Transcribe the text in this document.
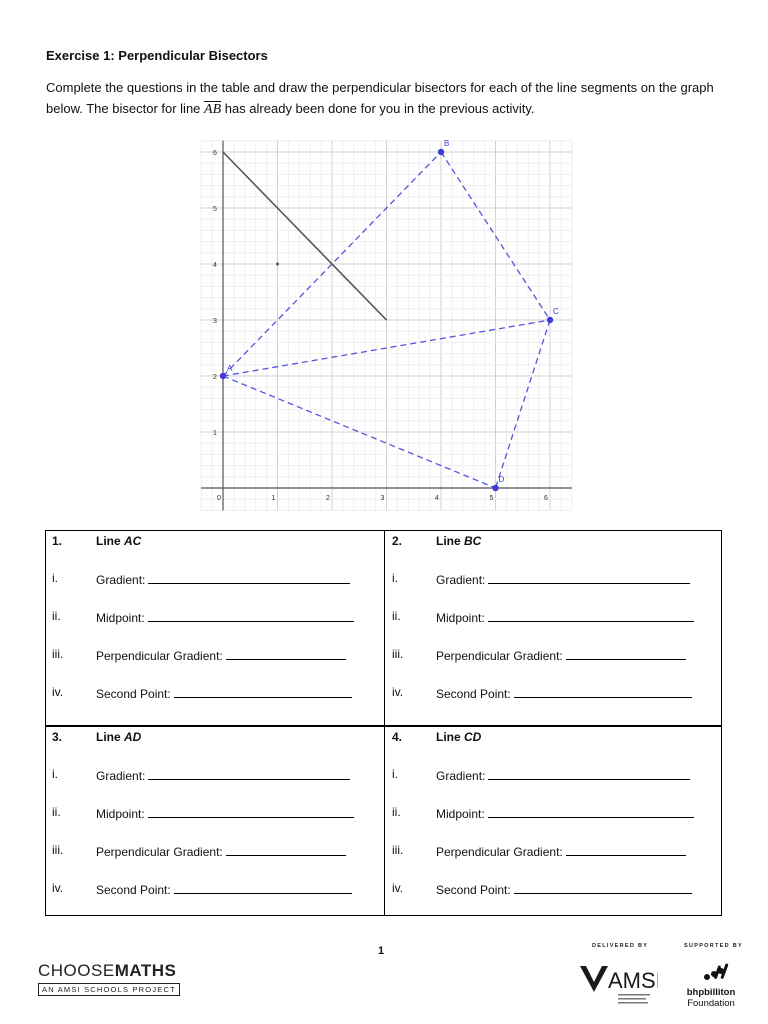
Exercise 1: Perpendicular Bisectors
Complete the questions in the table and draw the perpendicular bisectors for each of the line segments on the graph below. The bisector for line $\overline{AB}$ has already been done for you in the previous activity.
0	1	2	3	4	5	6
1
2
3
4
5
6
A
B
C
D
1.	Line AC
i.	Gradient:
ii.	Midpoint:
iii.	Perpendicular Gradient:
iv.	Second Point:
2.	Line BC
i.	Gradient:
ii.	Midpoint:
iii.	Perpendicular Gradient:
iv.	Second Point:
3.	Line AD
i.	Gradient:
ii.	Midpoint:
iii.	Perpendicular Gradient:
iv.	Second Point:
4.	Line CD
i.	Gradient:
ii.	Midpoint:
iii.	Perpendicular Gradient:
iv.	Second Point:
1
CHOOSEMATHS
AN AMSI SCHOOLS PROJECT
DELIVERED BY	SUPPORTED BY
AMSI	bhpbilliton
Foundation
